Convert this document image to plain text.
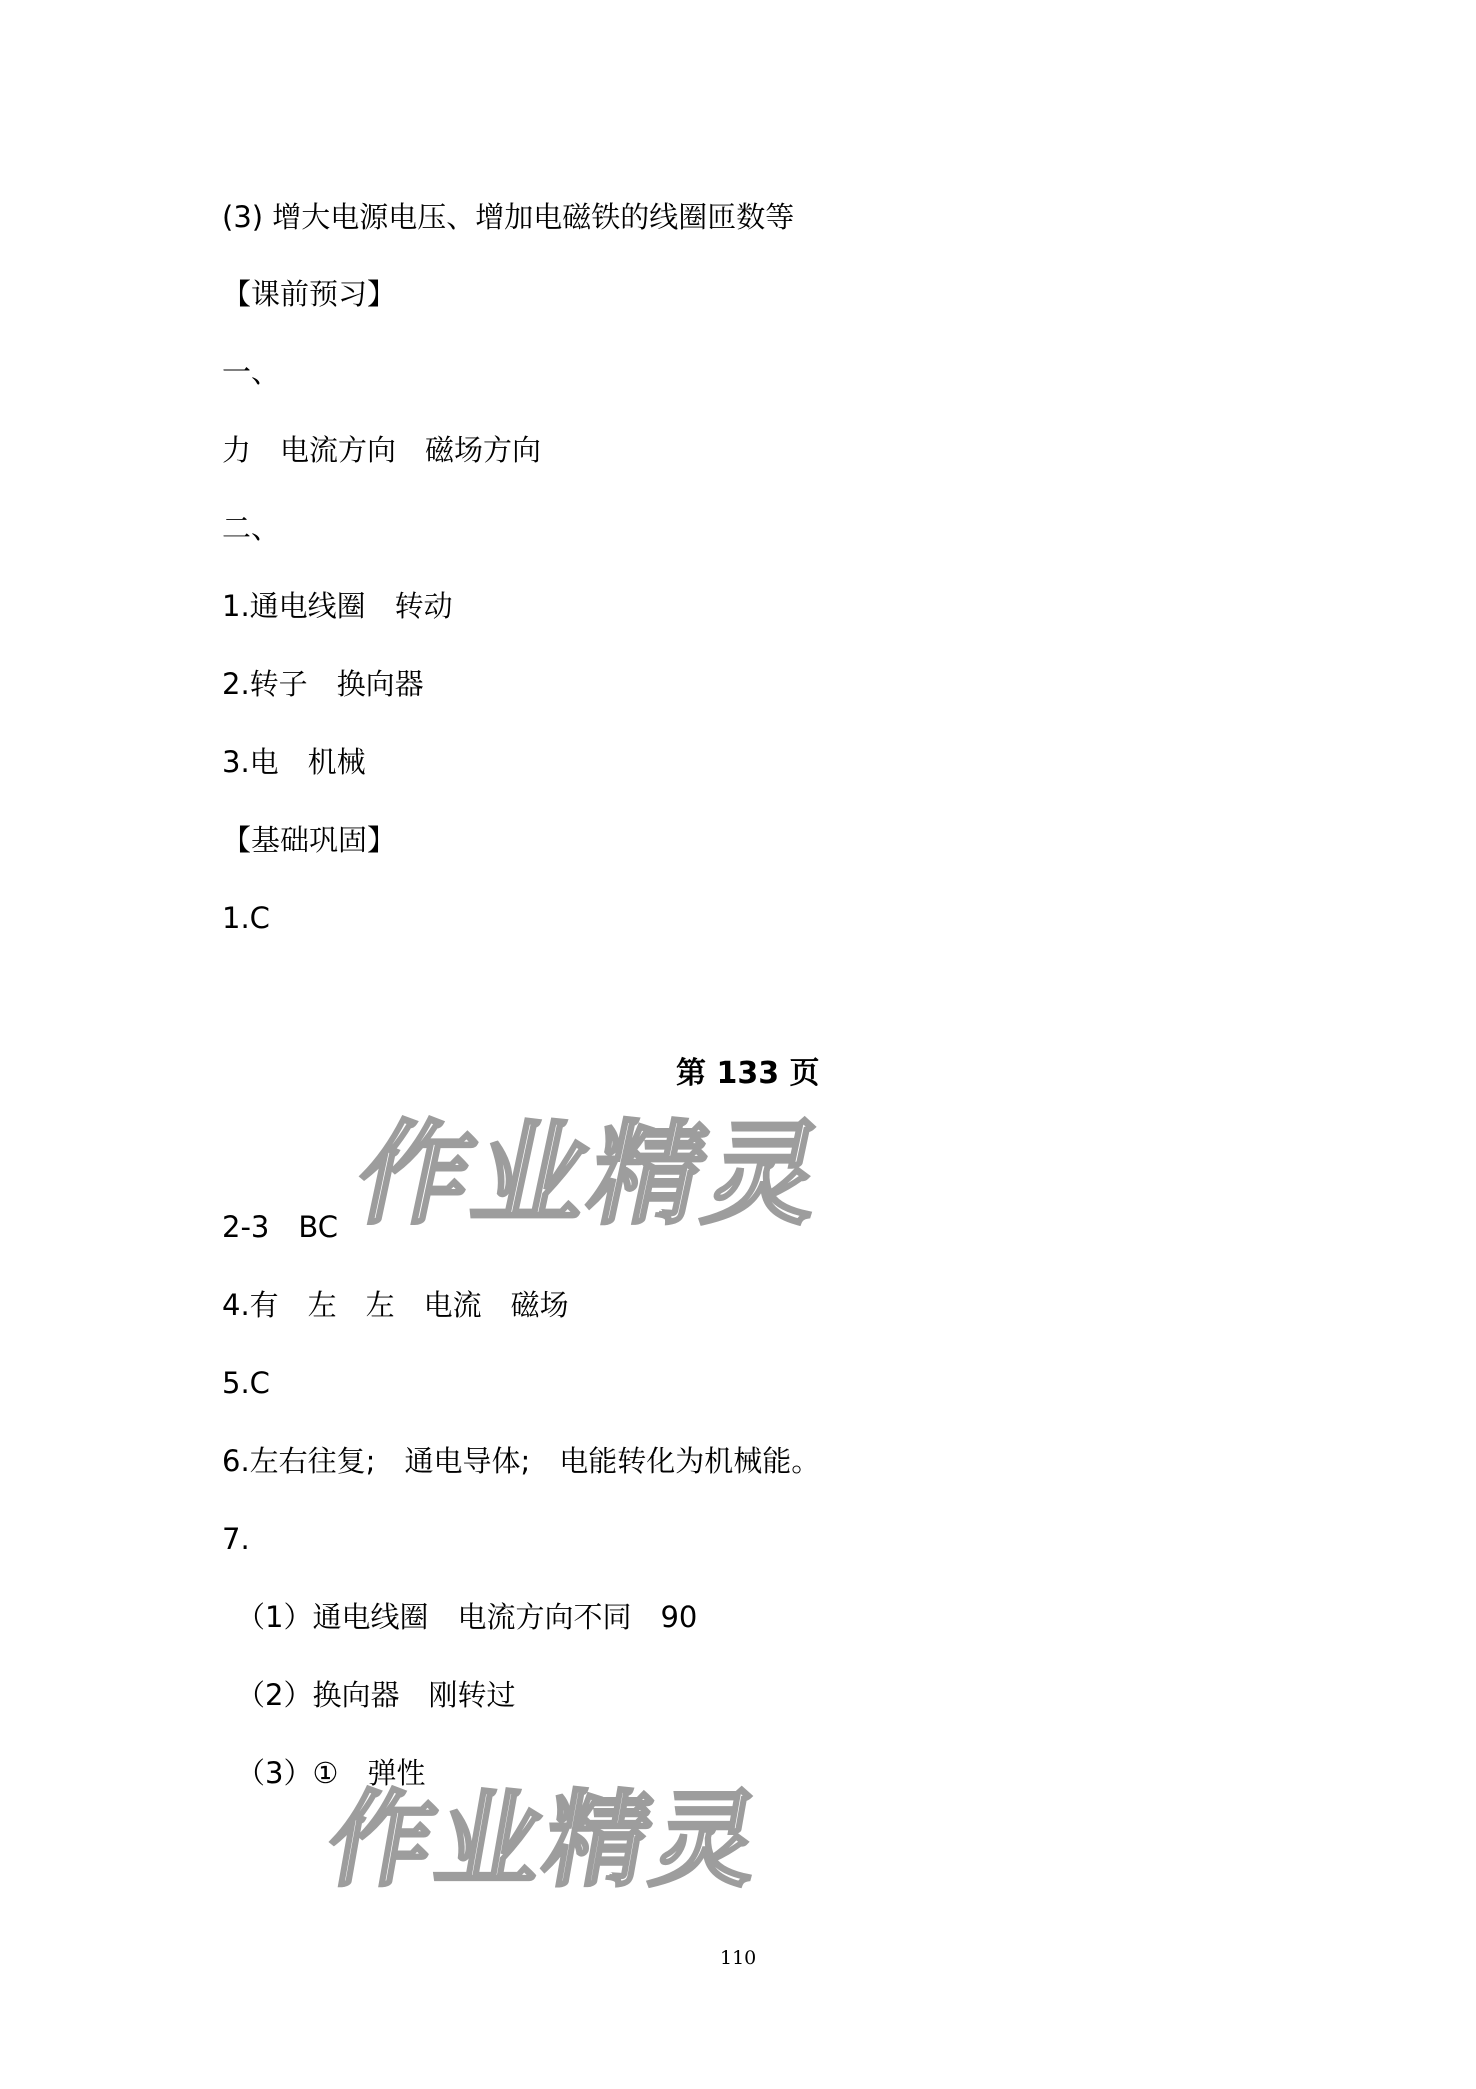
(3) 增大电源电压、增加电磁铁的线圈匝数等
【课前预习】
一、
力　电流方向　磁场方向
二、
1.通电线圈　转动
2.转子　换向器
3.电　机械
【基础巩固】
1.C
第 133 页
作业精灵
2-3　BC
4.有　左　左　电流　磁场
5.C
6.左右往复;　通电导体;　电能转化为机械能。
7.
（1）通电线圈　电流方向不同　90
（2）换向器　刚转过
（3）①　弹性
作业精灵
110
